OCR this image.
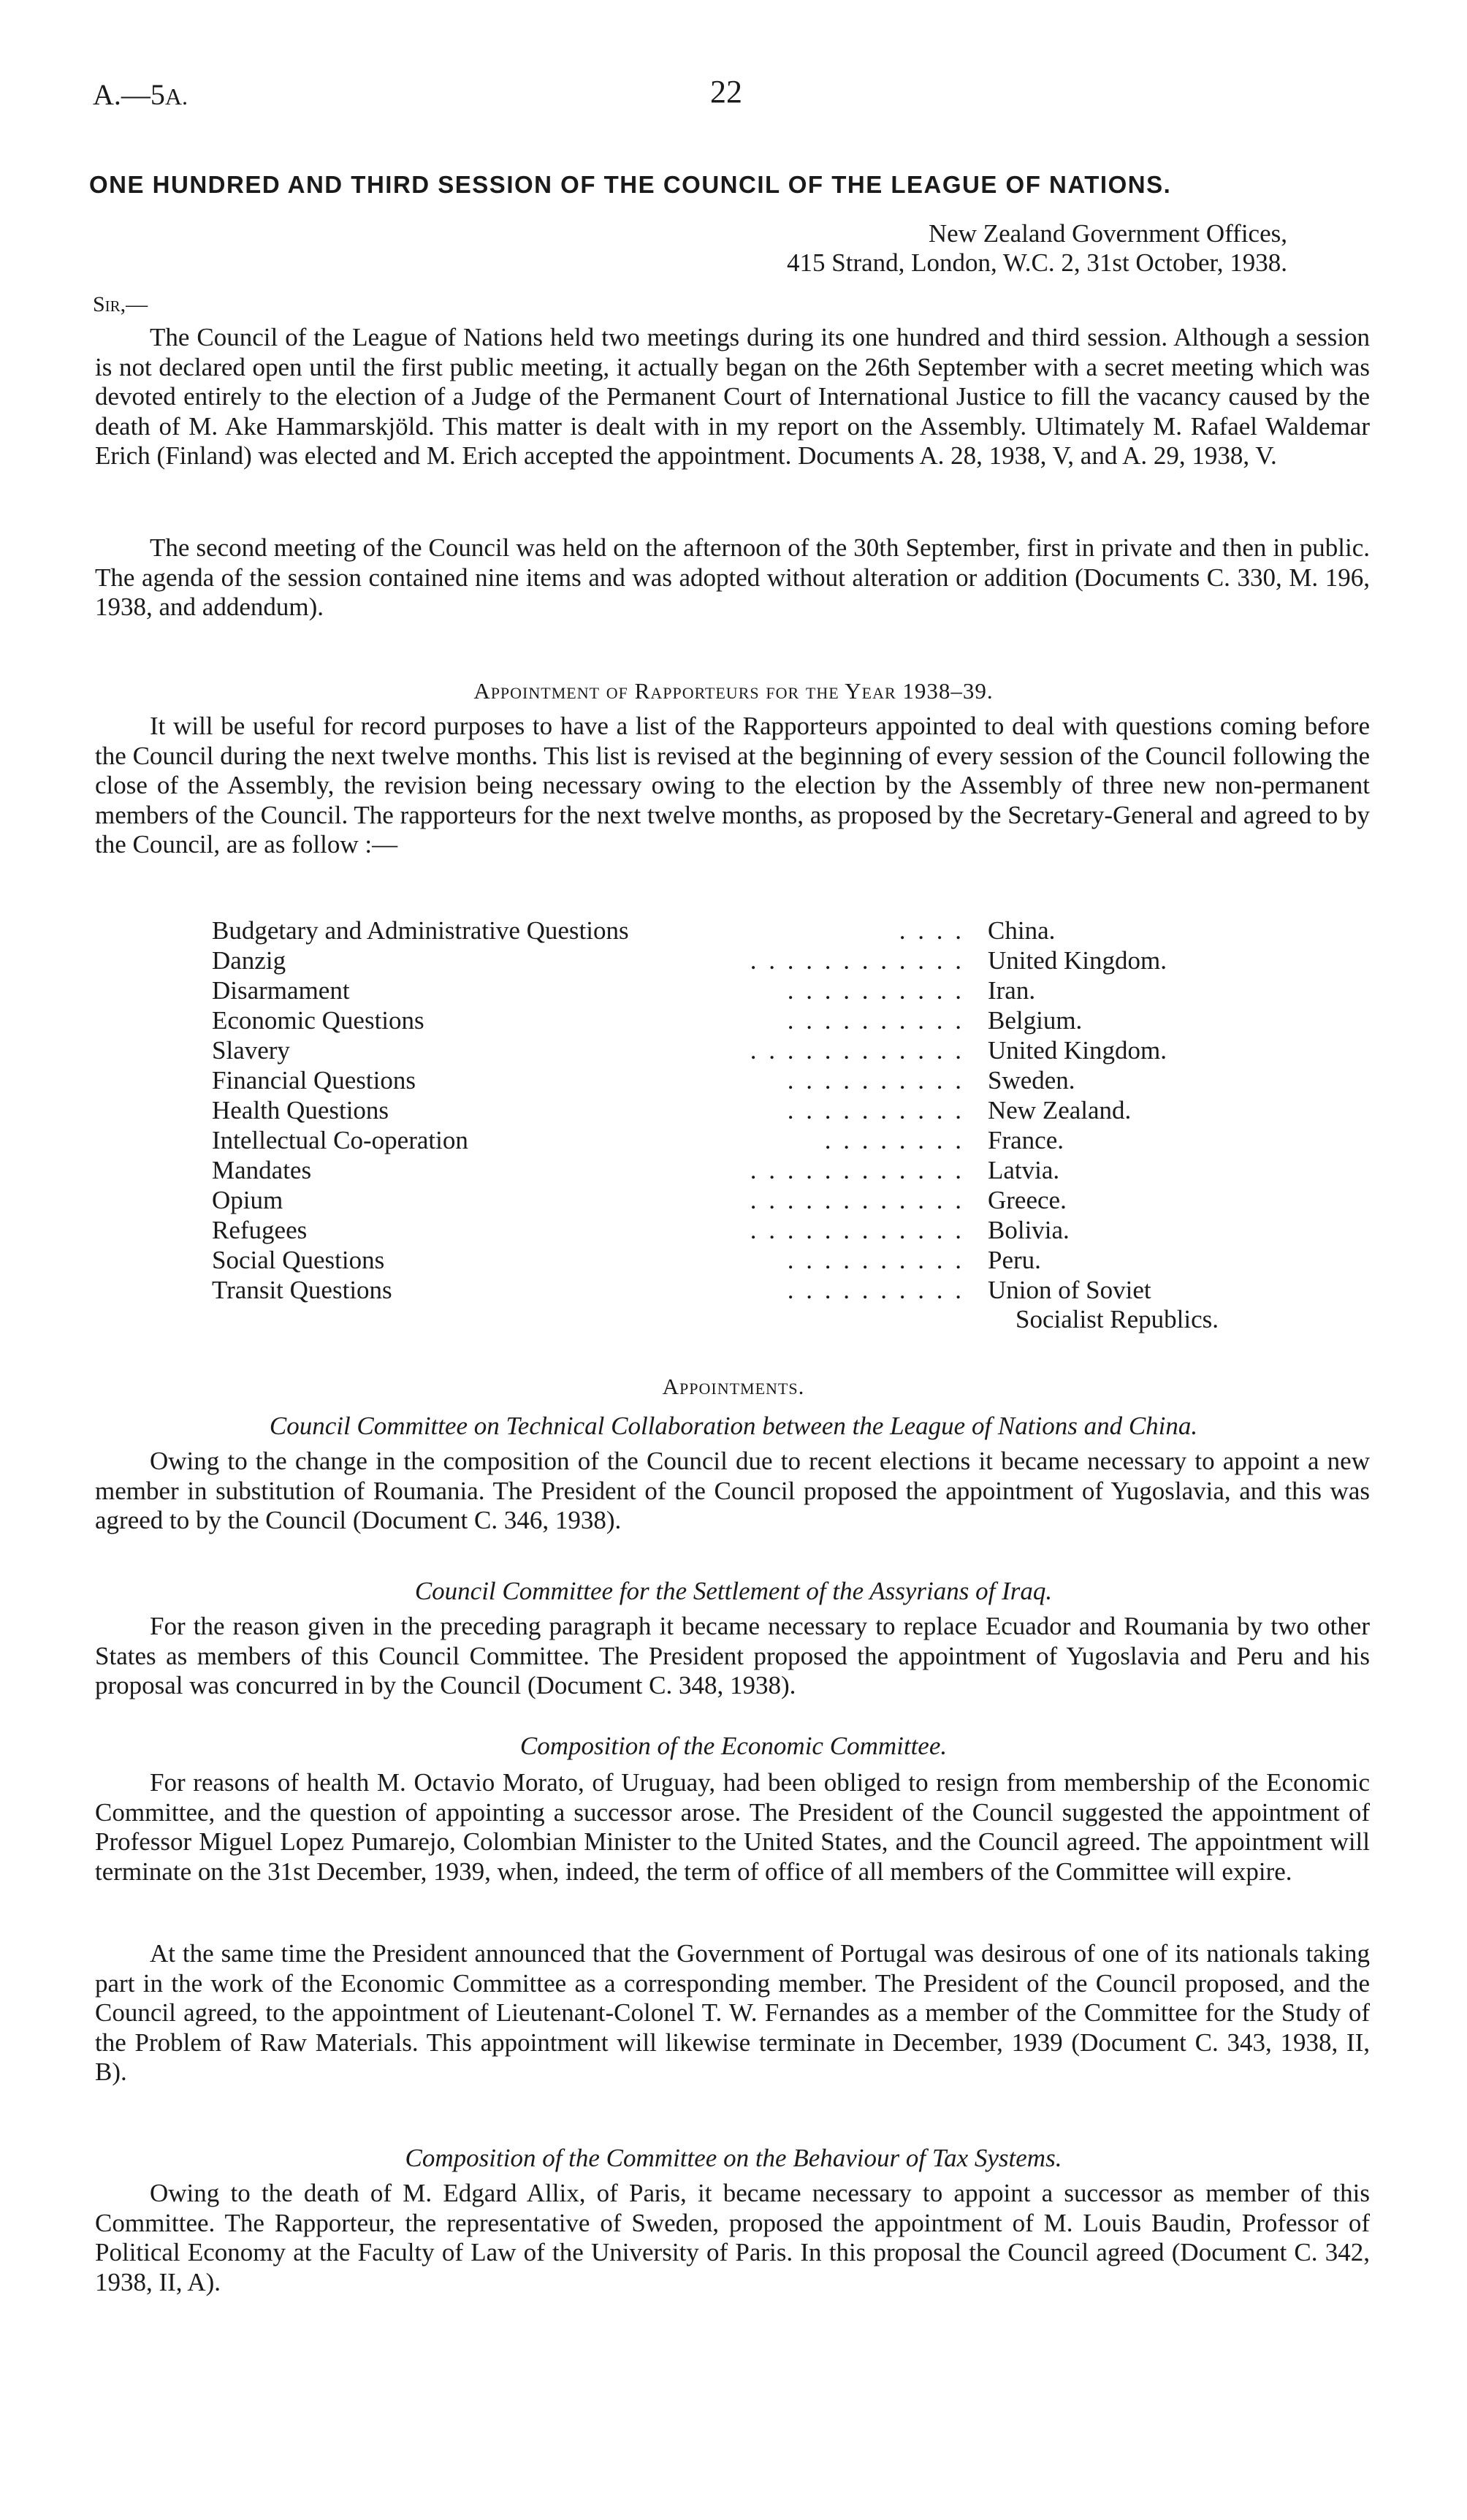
A.—5A.	22
ONE HUNDRED AND THIRD SESSION OF THE COUNCIL OF THE LEAGUE OF NATIONS.
New Zealand Government Offices,
415 Strand, London, W.C. 2, 31st October, 1938.
Sir,—

The Council of the League of Nations held two meetings during its one hundred and third session. Although a session is not declared open until the first public meeting, it actually began on the 26th September with a secret meeting which was devoted entirely to the election of a Judge of the Permanent Court of International Justice to fill the vacancy caused by the death of M. Ake Hammarskjöld. This matter is dealt with in my report on the Assembly. Ultimately M. Rafael Waldemar Erich (Finland) was elected and M. Erich accepted the appointment. Documents A. 28, 1938, V, and A. 29, 1938, V.

The second meeting of the Council was held on the afternoon of the 30th September, first in private and then in public. The agenda of the session contained nine items and was adopted without alteration or addition (Documents C. 330, M. 196, 1938, and addendum).

Appointment of Rapporteurs for the Year 1938–39.

It will be useful for record purposes to have a list of the Rapporteurs appointed to deal with questions coming before the Council during the next twelve months. This list is revised at the beginning of every session of the Council following the close of the Assembly, the revision being necessary owing to the election by the Assembly of three new non-permanent members of the Council. The rapporteurs for the next twelve months, as proposed by the Secretary-General and agreed to by the Council, are as follow :—

Budgetary and Administrative Questions	. . . . China.
Danzig	. . . . . . . . . . . . United Kingdom.
Disarmament	. . . . . . . . . . Iran.
Economic Questions	. . . . . . . . . . Belgium.
Slavery	. . . . . . . . . . . . United Kingdom.
Financial Questions	. . . . . . . . . . Sweden.
Health Questions	. . . . . . . . . . New Zealand.
Intellectual Co-operation	. . . . . . . . France.
Mandates	. . . . . . . . . . . . Latvia.
Opium	. . . . . . . . . . . . Greece.
Refugees	. . . . . . . . . . . . Bolivia.
Social Questions	. . . . . . . . . . Peru.
Transit Questions	. . . . . . . . . . Union of Soviet
Socialist Republics.
Appointments.
Council Committee on Technical Collaboration between the League of Nations and China.

Owing to the change in the composition of the Council due to recent elections it became necessary to appoint a new member in substitution of Roumania. The President of the Council proposed the appointment of Yugoslavia, and this was agreed to by the Council (Document C. 346, 1938).

Council Committee for the Settlement of the Assyrians of Iraq.

For the reason given in the preceding paragraph it became necessary to replace Ecuador and Roumania by two other States as members of this Council Committee. The President proposed the appointment of Yugoslavia and Peru and his proposal was concurred in by the Council (Document C. 348, 1938).

Composition of the Economic Committee.

For reasons of health M. Octavio Morato, of Uruguay, had been obliged to resign from membership of the Economic Committee, and the question of appointing a successor arose. The President of the Council suggested the appointment of Professor Miguel Lopez Pumarejo, Colombian Minister to the United States, and the Council agreed. The appointment will terminate on the 31st December, 1939, when, indeed, the term of office of all members of the Committee will expire.

At the same time the President announced that the Government of Portugal was desirous of one of its nationals taking part in the work of the Economic Committee as a corresponding member. The President of the Council proposed, and the Council agreed, to the appointment of Lieutenant-Colonel T. W. Fernandes as a member of the Committee for the Study of the Problem of Raw Materials. This appointment will likewise terminate in December, 1939 (Document C. 343, 1938, II, B).

Composition of the Committee on the Behaviour of Tax Systems.

Owing to the death of M. Edgard Allix, of Paris, it became necessary to appoint a successor as member of this Committee. The Rapporteur, the representative of Sweden, proposed the appointment of M. Louis Baudin, Professor of Political Economy at the Faculty of Law of the University of Paris. In this proposal the Council agreed (Document C. 342, 1938, II, A).
